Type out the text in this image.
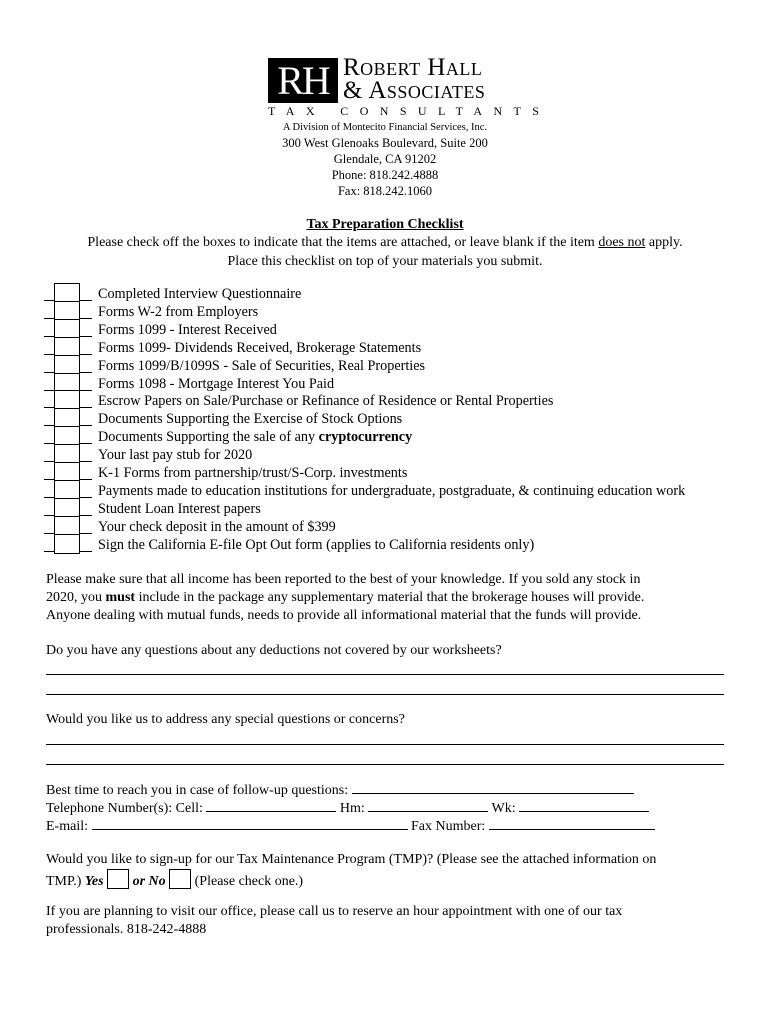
RH Robert Hall
& Associates
TAX CONSULTANTS
A Division of Montecito Financial Services, Inc.
300 West Glenoaks Boulevard, Suite 200
Glendale, CA 91202
Phone: 818.242.4888
Fax: 818.242.1060
Tax Preparation Checklist
Please check off the boxes to indicate that the items are attached, or leave blank if the item does not apply.
Place this checklist on top of your materials you submit.
Completed Interview Questionnaire
Forms W-2 from Employers
Forms 1099 - Interest Received
Forms 1099- Dividends Received, Brokerage Statements
Forms 1099/B/1099S - Sale of Securities, Real Properties
Forms 1098 - Mortgage Interest You Paid
Escrow Papers on Sale/Purchase or Refinance of Residence or Rental Properties
Documents Supporting the Exercise of Stock Options
Documents Supporting the sale of any cryptocurrency
Your last pay stub for 2020
K-1 Forms from partnership/trust/S-Corp. investments
Payments made to education institutions for undergraduate, postgraduate, & continuing education work
Student Loan Interest papers
Your check deposit in the amount of $399
Sign the California E-file Opt Out form (applies to California residents only)
Please make sure that all income has been reported to the best of your knowledge. If you sold any stock in
2020, you must include in the package any supplementary material that the brokerage houses will provide.
Anyone dealing with mutual funds, needs to provide all informational material that the funds will provide.
Do you have any questions about any deductions not covered by our worksheets?
Would you like us to address any special questions or concerns?
Best time to reach you in case of follow-up questions:
Telephone Number(s): Cell:	Hm:	Wk:
E-mail:	Fax Number:
Would you like to sign-up for our Tax Maintenance Program (TMP)? (Please see the attached information on
TMP.) Yes or No (Please check one.)
If you are planning to visit our office, please call us to reserve an hour appointment with one of our tax
professionals. 818-242-4888
